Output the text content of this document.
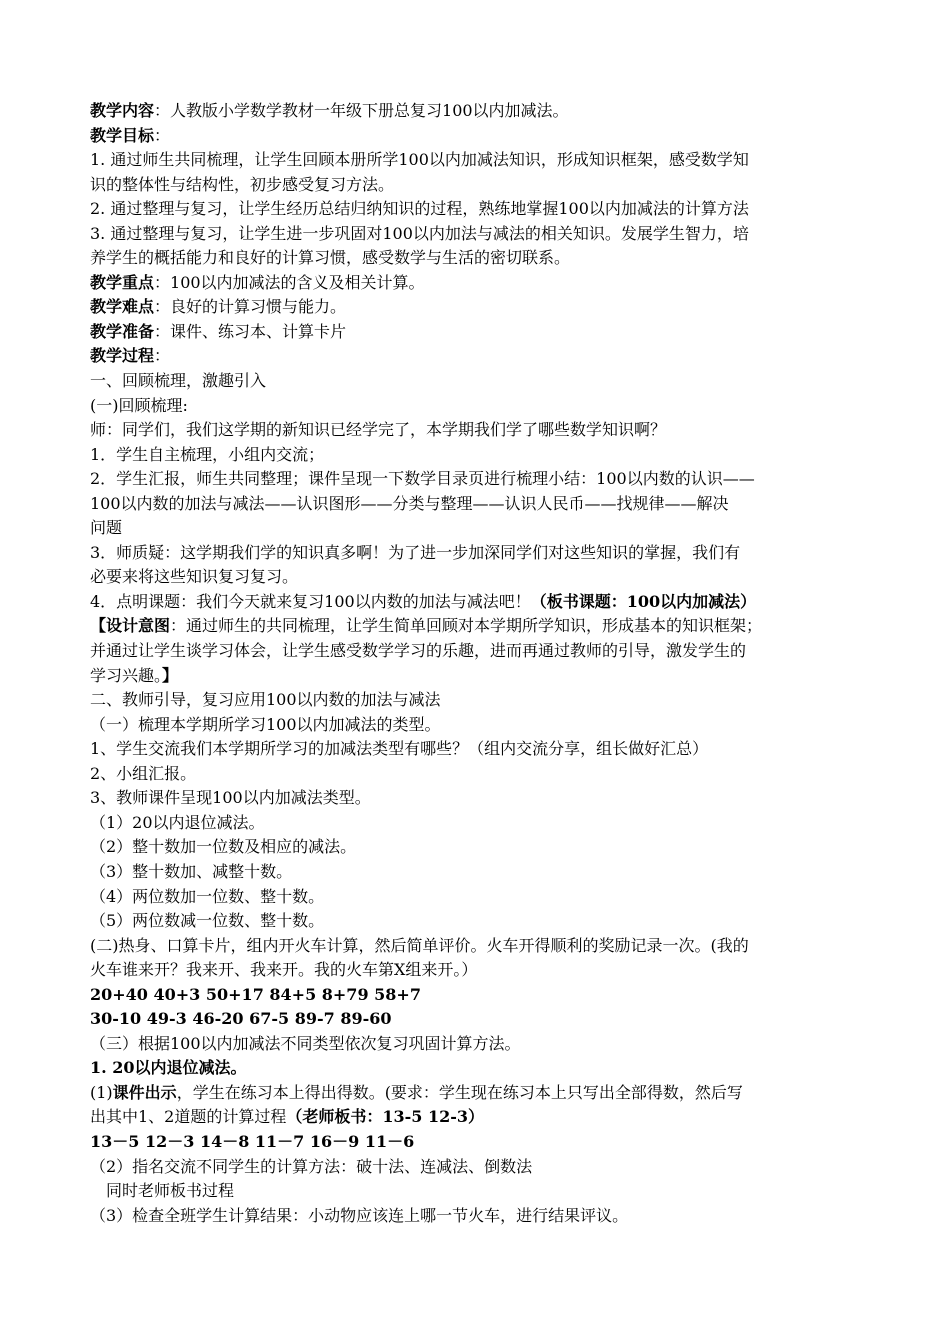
教学内容：人教版小学数学教材一年级下册总复习100以内加减法。
教学目标：
1. 通过师生共同梳理，让学生回顾本册所学100以内加减法知识，形成知识框架，感受数学知
识的整体性与结构性，初步感受复习方法。
2. 通过整理与复习，让学生经历总结归纳知识的过程，熟练地掌握100以内加减法的计算方法
3. 通过整理与复习，让学生进一步巩固对100以内加法与减法的相关知识。发展学生智力，培
养学生的概括能力和良好的计算习惯，感受数学与生活的密切联系。
教学重点：100以内加减法的含义及相关计算。
教学难点：良好的计算习惯与能力。
教学准备：课件、练习本、计算卡片
教学过程：
一、回顾梳理，激趣引入
(一)回顾梳理:
师：同学们，我们这学期的新知识已经学完了，本学期我们学了哪些数学知识啊？
1．学生自主梳理，小组内交流；
2．学生汇报，师生共同整理；课件呈现一下数学目录页进行梳理小结：100以内数的认识——
100以内数的加法与减法——认识图形——分类与整理——认识人民币——找规律——解决
问题
3．师质疑：这学期我们学的知识真多啊！为了进一步加深同学们对这些知识的掌握，我们有
必要来将这些知识复习复习。
4．点明课题：我们今天就来复习100以内数的加法与减法吧！（板书课题：100以内加减法）
【设计意图：通过师生的共同梳理，让学生简单回顾对本学期所学知识，形成基本的知识框架；
并通过让学生谈学习体会，让学生感受数学学习的乐趣，进而再通过教师的引导，激发学生的
学习兴趣。】
二、教师引导，复习应用100以内数的加法与减法
（一）梳理本学期所学习100以内加减法的类型。
1、学生交流我们本学期所学习的加减法类型有哪些？（组内交流分享，组长做好汇总）
2、小组汇报。
3、教师课件呈现100以内加减法类型。
（1）20以内退位减法。
（2）整十数加一位数及相应的减法。
（3）整十数加、减整十数。
（4）两位数加一位数、整十数。
（5）两位数减一位数、整十数。
(二)热身、口算卡片，组内开火车计算，然后简单评价。火车开得顺利的奖励记录一次。(我的
火车谁来开？我来开、我来开。我的火车第X组来开。）
20+40 40+3 50+17 84+5 8+79 58+7
30-10 49-3 46-20 67-5 89-7 89-60
（三）根据100以内加减法不同类型依次复习巩固计算方法。
1. 20以内退位减法。
(1)课件出示，学生在练习本上得出得数。(要求：学生现在练习本上只写出全部得数，然后写
出其中1、2道题的计算过程（老师板书：13-5 12-3）
13－5 12－3 14－8 11－7 16－9 11－6
（2）指名交流不同学生的计算方法：破十法、连减法、倒数法
同时老师板书过程
（3）检查全班学生计算结果：小动物应该连上哪一节火车，进行结果评议。
